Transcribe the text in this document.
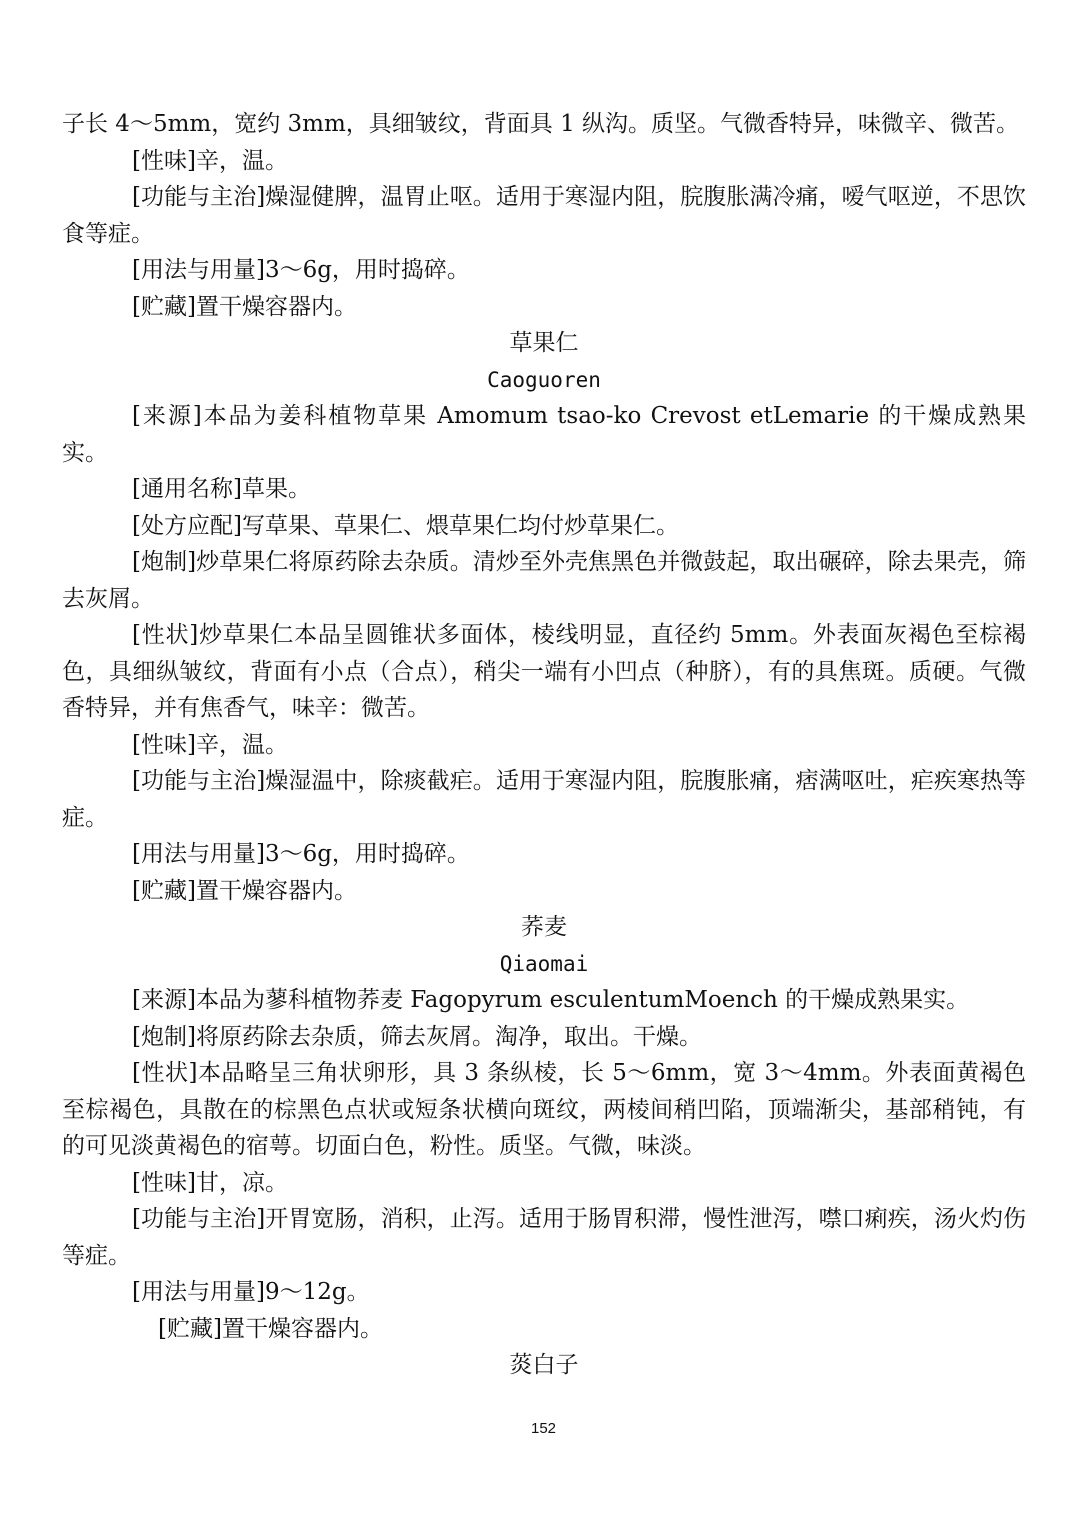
子长 4～5mm，宽约 3mm，具细皱纹，背面具 1 纵沟。质坚。气微香特异，味微辛、微苦。

[性味]辛，温。

[功能与主治]燥湿健脾，温胃止呕。适用于寒湿内阻，脘腹胀满冷痛，嗳气呕逆，不思饮食等症。

[用法与用量]3～6g，用时捣碎。

[贮藏]置干燥容器内。

草果仁

Caoguoren

[来源]本品为姜科植物草果 Amomum tsao-ko Crevost etLemarie 的干燥成熟果实。

[通用名称]草果。

[处方应配]写草果、草果仁、煨草果仁均付炒草果仁。

[炮制]炒草果仁将原药除去杂质。清炒至外壳焦黑色并微鼓起，取出碾碎，除去果壳，筛去灰屑。

[性状]炒草果仁本品呈圆锥状多面体，棱线明显，直径约 5mm。外表面灰褐色至棕褐色，具细纵皱纹，背面有小点（合点），稍尖一端有小凹点（种脐），有的具焦斑。质硬。气微香特异，并有焦香气，味辛：微苦。

[性味]辛，温。

[功能与主治]燥湿温中，除痰截疟。适用于寒湿内阻，脘腹胀痛，痞满呕吐，疟疾寒热等症。

[用法与用量]3～6g，用时捣碎。

[贮藏]置干燥容器内。

荞麦

Qiaomai

[来源]本品为蓼科植物荞麦 Fagopyrum esculentumMoench 的干燥成熟果实。

[炮制]将原药除去杂质，筛去灰屑。淘净，取出。干燥。

[性状]本品略呈三角状卵形，具 3 条纵棱，长 5～6mm，宽 3～4mm。外表面黄褐色至棕褐色，具散在的棕黑色点状或短条状横向斑纹，两棱间稍凹陷，顶端渐尖，基部稍钝，有的可见淡黄褐色的宿萼。切面白色，粉性。质坚。气微，味淡。

[性味]甘，凉。

[功能与主治]开胃宽肠，消积，止泻。适用于肠胃积滞，慢性泄泻，噤口痢疾，汤火灼伤等症。

[用法与用量]9～12g。

[贮藏]置干燥容器内。

菼白子

152
